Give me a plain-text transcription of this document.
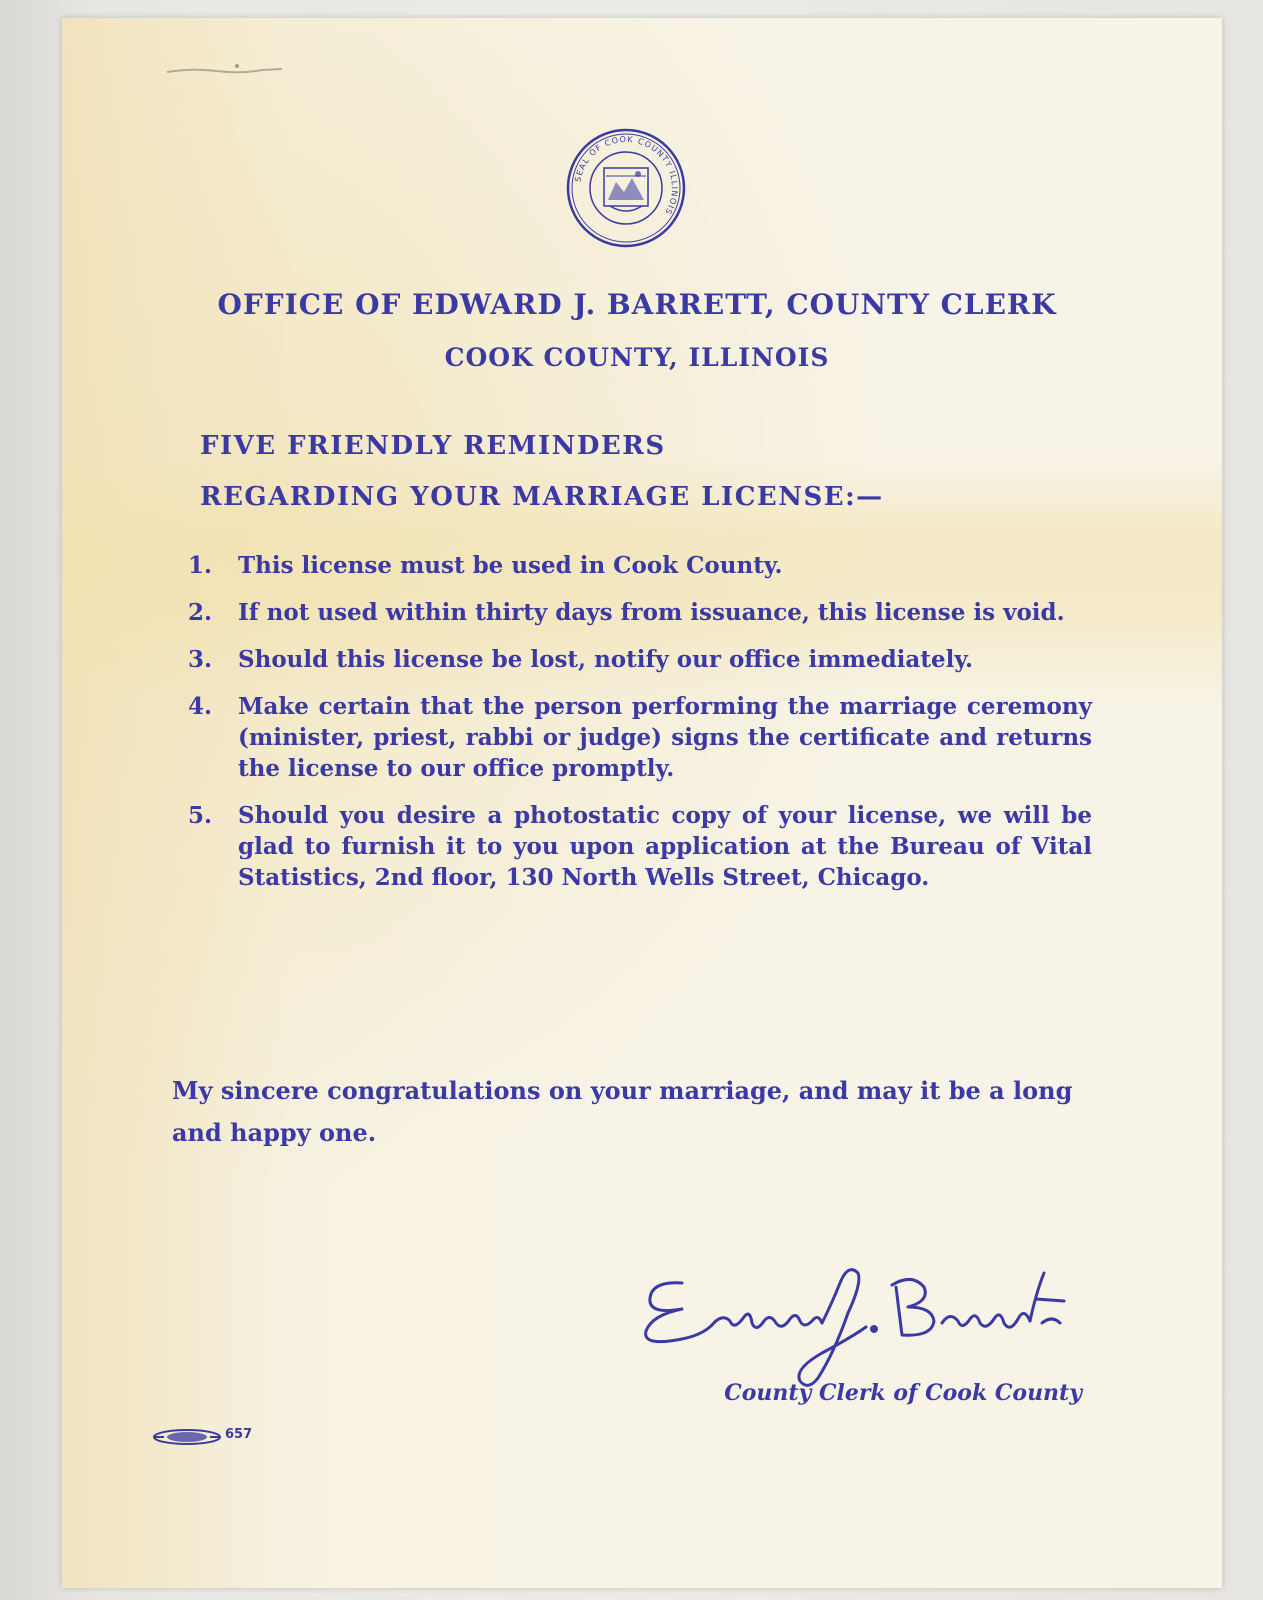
SEAL OF COOK COUNTY ILLINOIS
OFFICE OF EDWARD J. BARRETT, COUNTY CLERK
COOK COUNTY, ILLINOIS
FIVE FRIENDLY REMINDERS
REGARDING YOUR MARRIAGE LICENSE:—
1. This license must be used in Cook County.
2. If not used within thirty days from issuance, this license is void.
3. Should this license be lost, notify our office immediately.
4. Make certain that the person performing the marriage ceremony (minister, priest, rabbi or judge) signs the certificate and returns the license to our office promptly.
5. Should you desire a photostatic copy of your license, we will be glad to furnish it to you upon application at the Bureau of Vital Statistics, 2nd floor, 130 North Wells Street, Chicago.
My sincere congratulations on your marriage, and may it be a long and happy one.
County Clerk of Cook County
657
